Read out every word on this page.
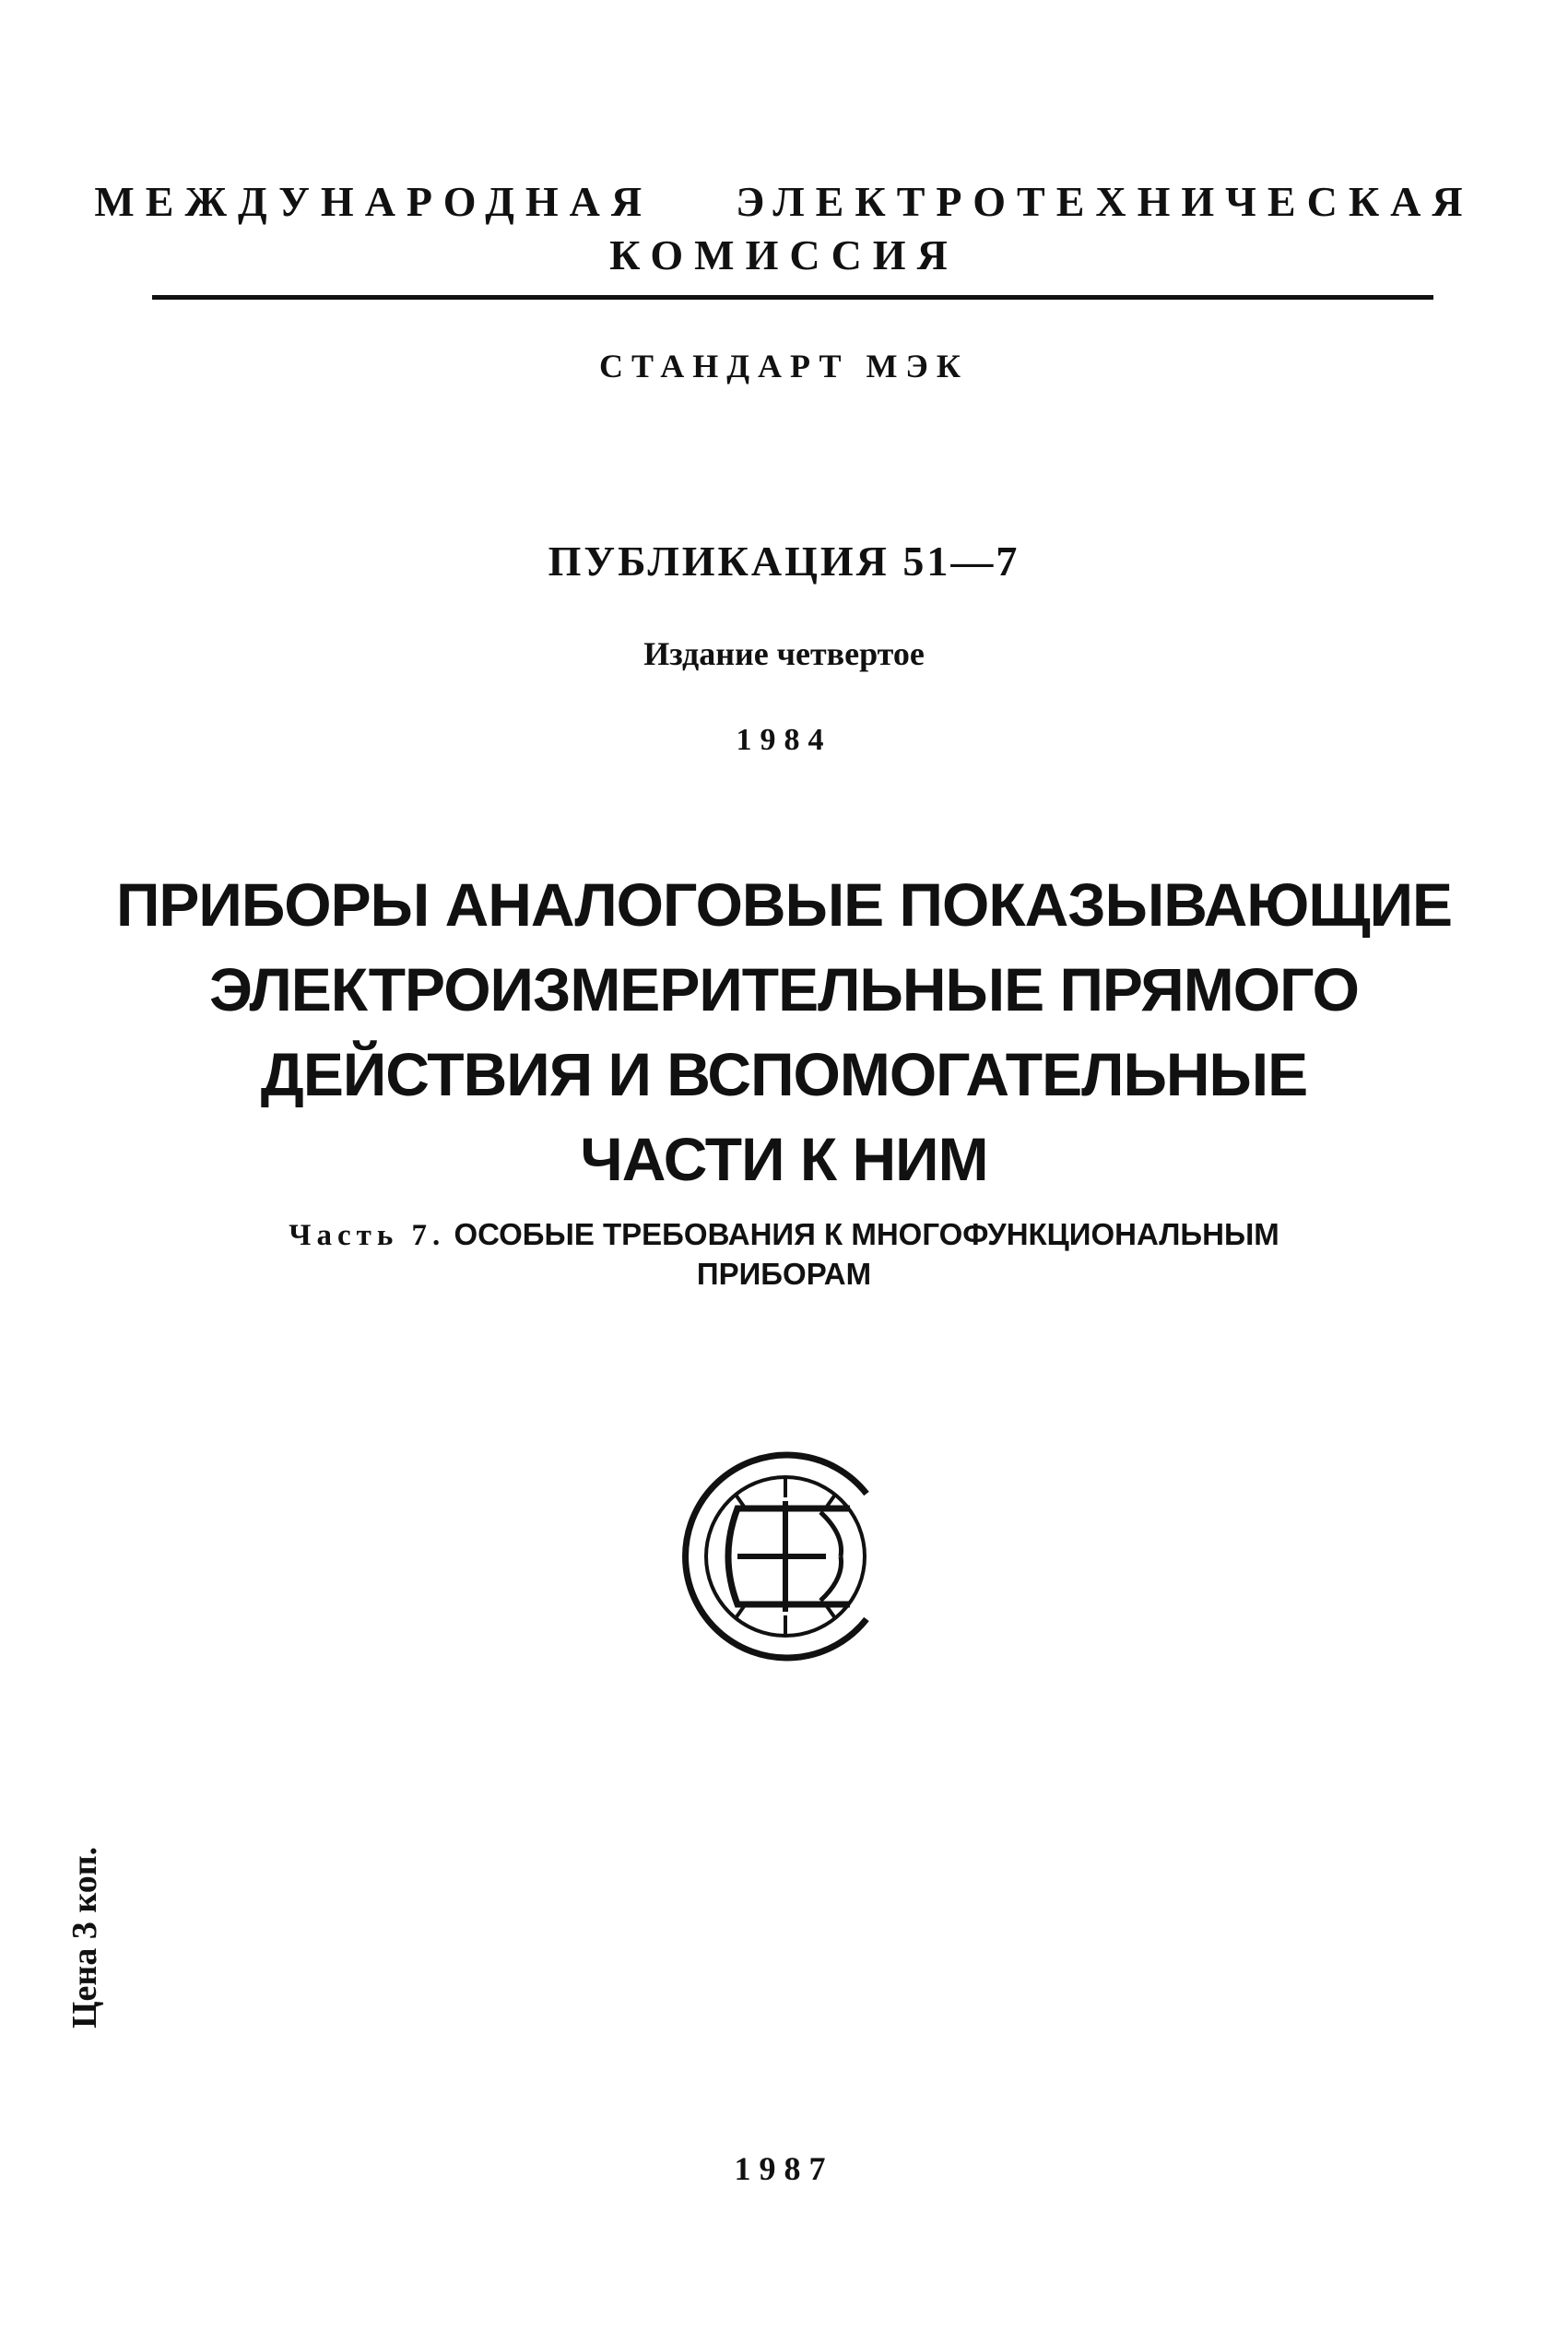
МЕЖДУНАРОДНАЯ ЭЛЕКТРОТЕХНИЧЕСКАЯ
КОМИССИЯ
СТАНДАРТ МЭК
ПУБЛИКАЦИЯ 51—7
Издание четвертое
1984
ПРИБОРЫ АНАЛОГОВЫЕ ПОКАЗЫВАЮЩИЕ
ЭЛЕКТРОИЗМЕРИТЕЛЬНЫЕ ПРЯМОГО
ДЕЙСТВИЯ И ВСПОМОГАТЕЛЬНЫЕ
ЧАСТИ К НИМ
Часть 7. ОСОБЫЕ ТРЕБОВАНИЯ К МНОГОФУНКЦИОНАЛЬНЫМ
ПРИБОРАМ
Цена 3 коп.
1987
